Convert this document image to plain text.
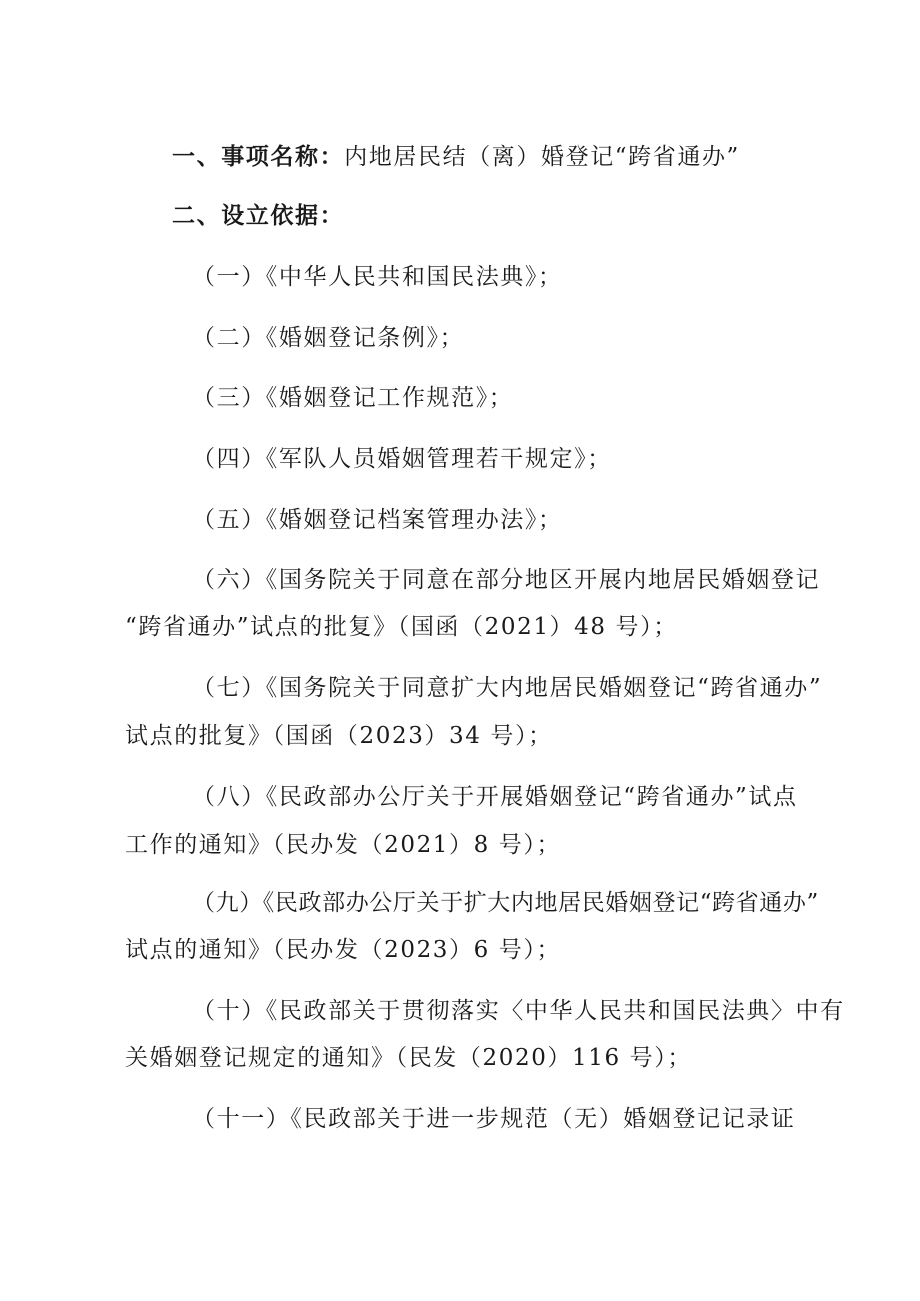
一、事项名称：内地居民结（离）婚登记“跨省通办”
二、设立依据：
（一）《中华人民共和国民法典》；
（二）《婚姻登记条例》；
（三）《婚姻登记工作规范》；
（四）《军队人员婚姻管理若干规定》；
（五）《婚姻登记档案管理办法》；
（六）《国务院关于同意在部分地区开展内地居民婚姻登记
“跨省通办”试点的批复》（国函（2021）48 号）；
（七）《国务院关于同意扩大内地居民婚姻登记“跨省通办”
试点的批复》（国函（2023）34 号）；
（八）《民政部办公厅关于开展婚姻登记“跨省通办”试点
工作的通知》（民办发（2021）8 号）；
（九）《民政部办公厅关于扩大内地居民婚姻登记“跨省通办”
试点的通知》（民办发（2023）6 号）；
（十）《民政部关于贯彻落实〈中华人民共和国民法典〉中有
关婚姻登记规定的通知》（民发（2020）116 号）；
（十一）《民政部关于进一步规范（无）婚姻登记记录证
